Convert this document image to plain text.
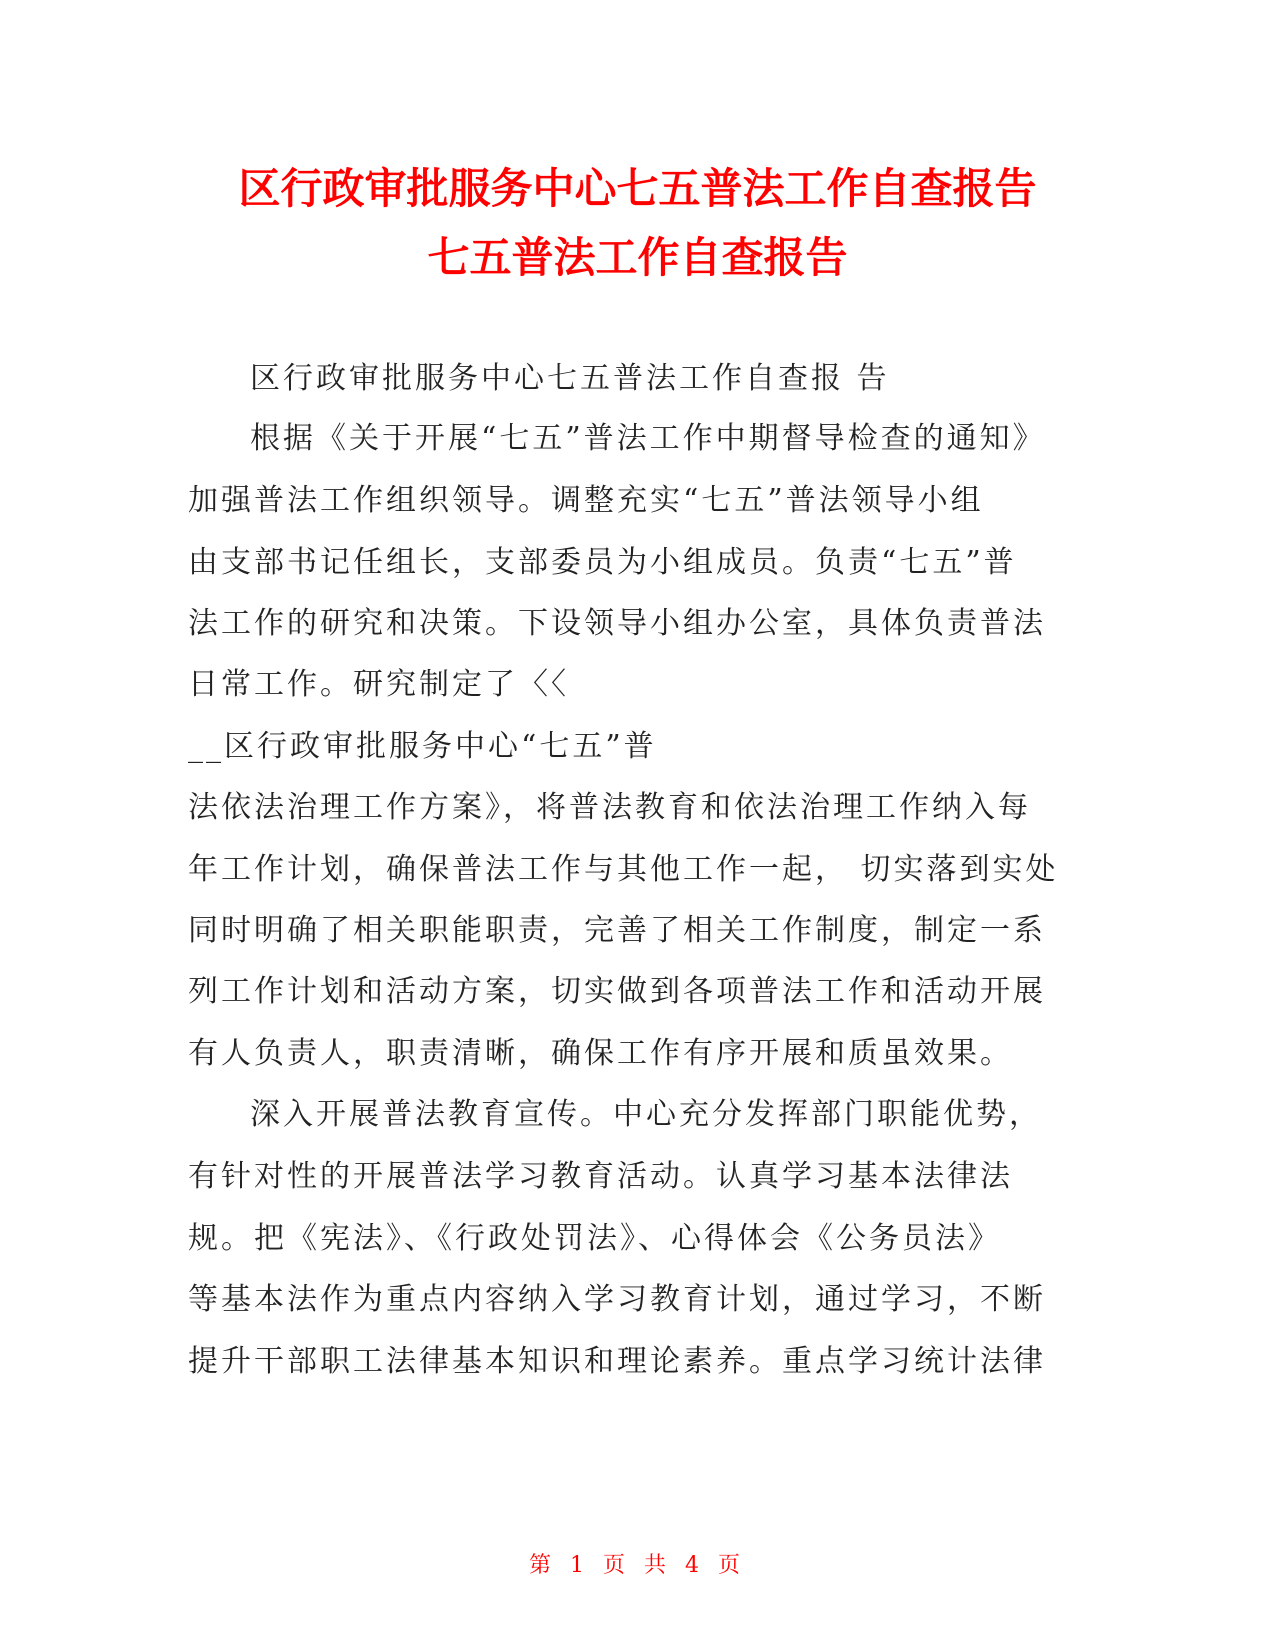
区行政审批服务中心七五普法工作自查报告
七五普法工作自查报告
区行政审批服务中心七五普法工作自查报 告
根据《关于开展“七五”普法工作中期督导检查的通知》
加强普法工作组织领导。调整充实“七五”普法领导小组
由支部书记任组长，支部委员为小组成员。负责“七五”普
法工作的研究和决策。下设领导小组办公室，具体负责普法
日常工作。研究制定了〈〈
__区行政审批服务中心“七五”普
法依法治理工作方案》，将普法教育和依法治理工作纳入每
年工作计划，确保普法工作与其他工作一起， 切实落到实处
同时明确了相关职能职责，完善了相关工作制度，制定一系
列工作计划和活动方案，切实做到各项普法工作和活动开展
有人负责人，职责清晰，确保工作有序开展和质虽效果。
深入开展普法教育宣传。中心充分发挥部门职能优势，
有针对性的开展普法学习教育活动。认真学习基本法律法
规。把《宪法》、《行政处罚法》、心得体会《公务员法》
等基本法作为重点内容纳入学习教育计划，通过学习，不断
提升干部职工法律基本知识和理论素养。重点学习统计法律
第 1 页 共 4 页
